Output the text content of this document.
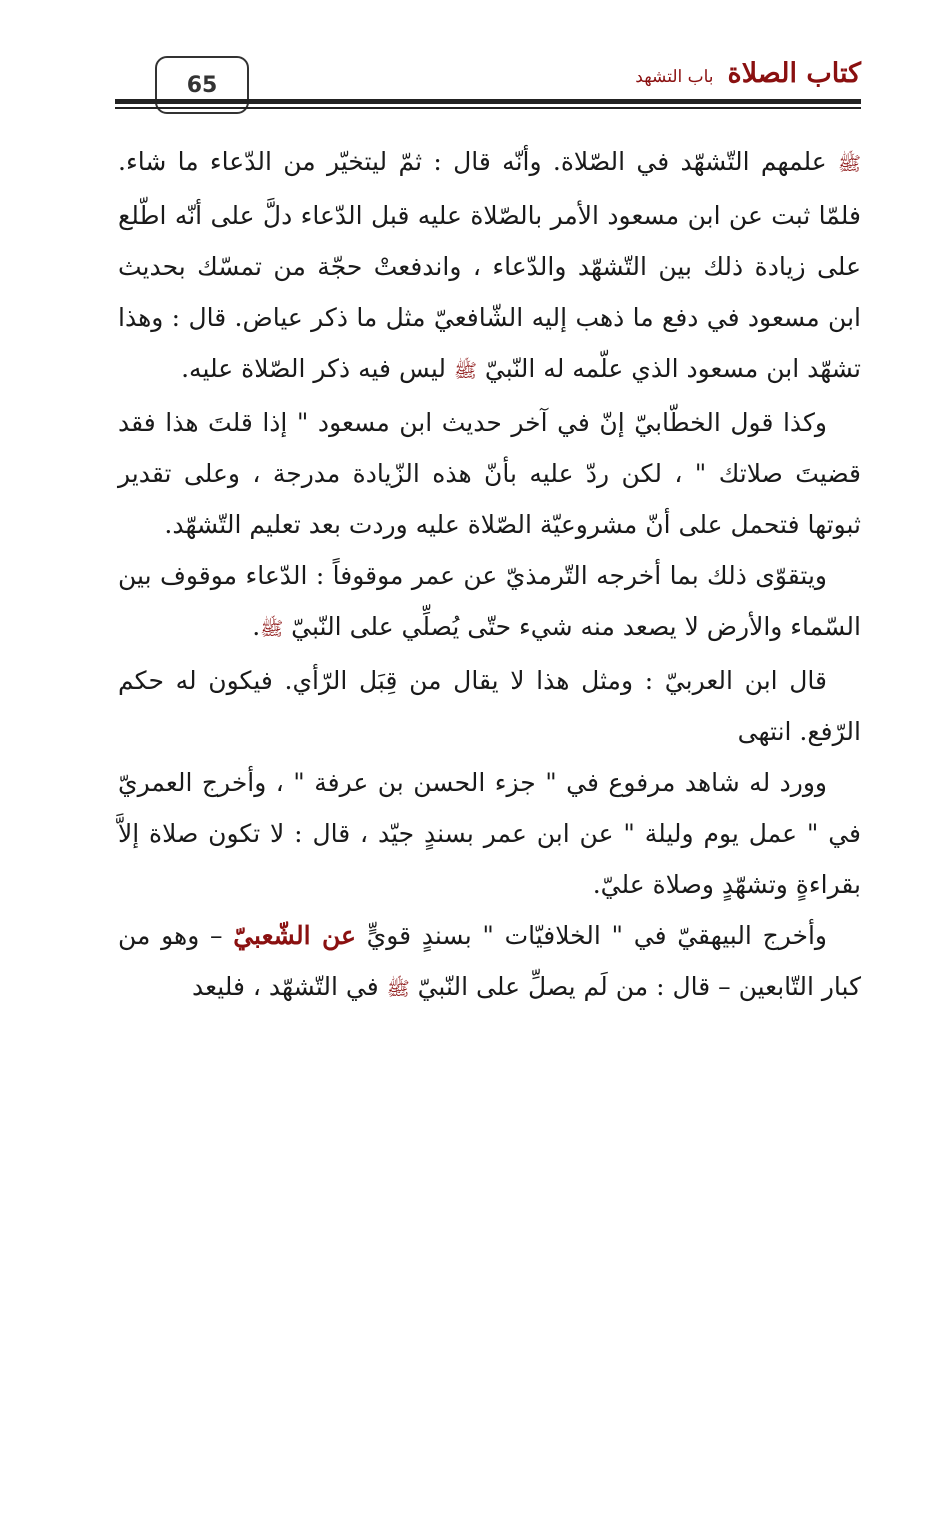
65	كتاب الصلاةباب التشهد

ﷺ علمهم التّشهّد في الصّلاة. وأنّه قال : ثمّ ليتخيّر من الدّعاء ما شاء. فلمّا ثبت عن ابن مسعود الأمر بالصّلاة عليه قبل الدّعاء دلَّ على أنّه اطّلع على زيادة ذلك بين التّشهّد والدّعاء ، واندفعتْ حجّة من تمسّك بحديث ابن مسعود في دفع ما ذهب إليه الشّافعيّ مثل ما ذكر عياض. قال : وهذا تشهّد ابن مسعود الذي علّمه له النّبيّ ﷺ ليس فيه ذكر الصّلاة عليه.

وكذا قول الخطّابيّ إنّ في آخر حديث ابن مسعود " إذا قلتَ هذا فقد قضيتَ صلاتك " ، لكن ردّ عليه بأنّ هذه الزّيادة مدرجة ، وعلى تقدير ثبوتها فتحمل على أنّ مشروعيّة الصّلاة عليه وردت بعد تعليم التّشهّد.

ويتقوّى ذلك بما أخرجه التّرمذيّ عن عمر موقوفاً : الدّعاء موقوف بين السّماء والأرض لا يصعد منه شيء حتّى يُصلِّي على النّبيّ ﷺ.

قال ابن العربيّ : ومثل هذا لا يقال من قِبَل الرّأي. فيكون له حكم الرّفع. انتهى

وورد له شاهد مرفوع في " جزء الحسن بن عرفة " ، وأخرج العمريّ في " عمل يوم وليلة " عن ابن عمر بسندٍ جيّد ، قال : لا تكون صلاة إلاَّ بقراءةٍ وتشهّدٍ وصلاة عليّ.

وأخرج البيهقيّ في " الخلافيّات " بسندٍ قويٍّ عن الشّعبيّ – وهو من كبار التّابعين – قال : من لَم يصلِّ على النّبيّ ﷺ في التّشهّد ، فليعد
